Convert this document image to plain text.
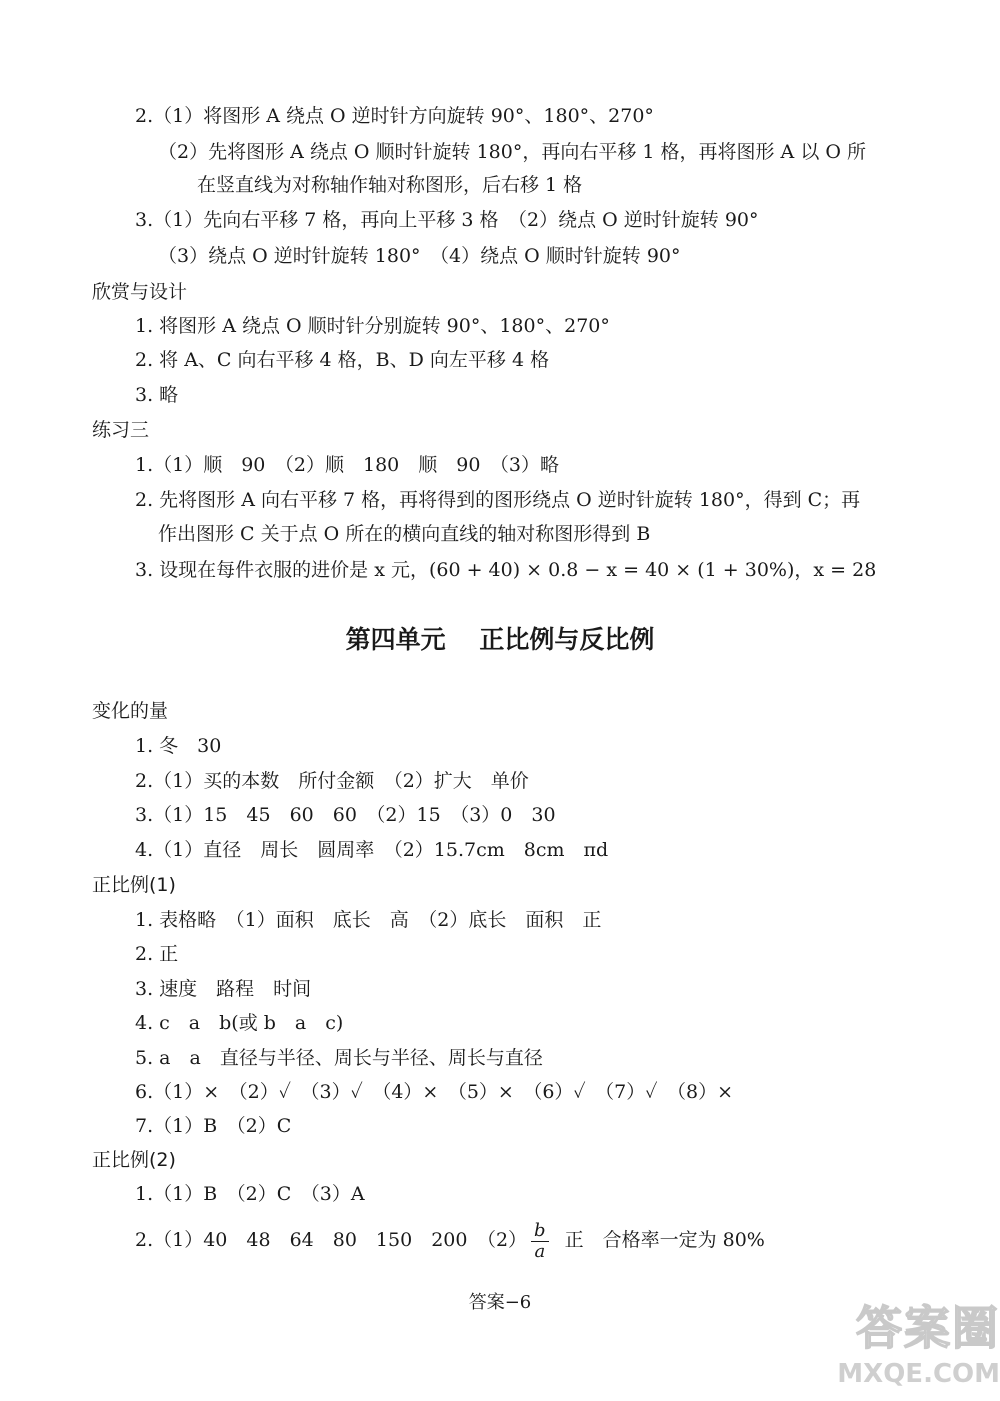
2.（1）将图形 A 绕点 O 逆时针方向旋转 90°、180°、270°
（2）先将图形 A 绕点 O 顺时针旋转 180°，再向右平移 1 格，再将图形 A 以 O 所
在竖直线为对称轴作轴对称图形，后右移 1 格
3.（1）先向右平移 7 格，再向上平移 3 格　（2）绕点 O 逆时针旋转 90°
（3）绕点 O 逆时针旋转 180°　（4）绕点 O 顺时针旋转 90°
欣赏与设计
1. 将图形 A 绕点 O 顺时针分别旋转 90°、180°、270°
2. 将 A、C 向右平移 4 格，B、D 向左平移 4 格
3. 略
练习三
1.（1）顺　90　（2）顺　180　顺　90　（3）略
2. 先将图形 A 向右平移 7 格，再将得到的图形绕点 O 逆时针旋转 180°，得到 C；再
作出图形 C 关于点 O 所在的横向直线的轴对称图形得到 B
3. 设现在每件衣服的进价是 x 元，(60 + 40) × 0.8 − x = 40 × (1 + 30%)，x = 28
第四单元　 正比例与反比例
变化的量
1. 冬　30
2.（1）买的本数　所付金额　（2）扩大　单价
3.（1）15　45　60　60　（2）15　（3）0　30
4.（1）直径　周长　圆周率　（2）15.7cm　8cm　πd
正比例(1)
1. 表格略　（1）面积　底长　高　（2）底长　面积　正
2. 正
3. 速度　路程　时间
4. c　a　b(或 b　a　c)
5. a　a　直径与半径、周长与半径、周长与直径
6.（1）×　（2）✓　（3）✓　（4）×　（5）×　（6）✓　（7）✓　（8）×
7.（1）B　（2）C
正比例(2)
1.（1）B　（2）C　（3）A
2.（1）40　48　64　80　150　200　$(2) \frac{b}{a}$ 正　合格率一定为 80%
答案−6	答案圈
MXQE.COM
